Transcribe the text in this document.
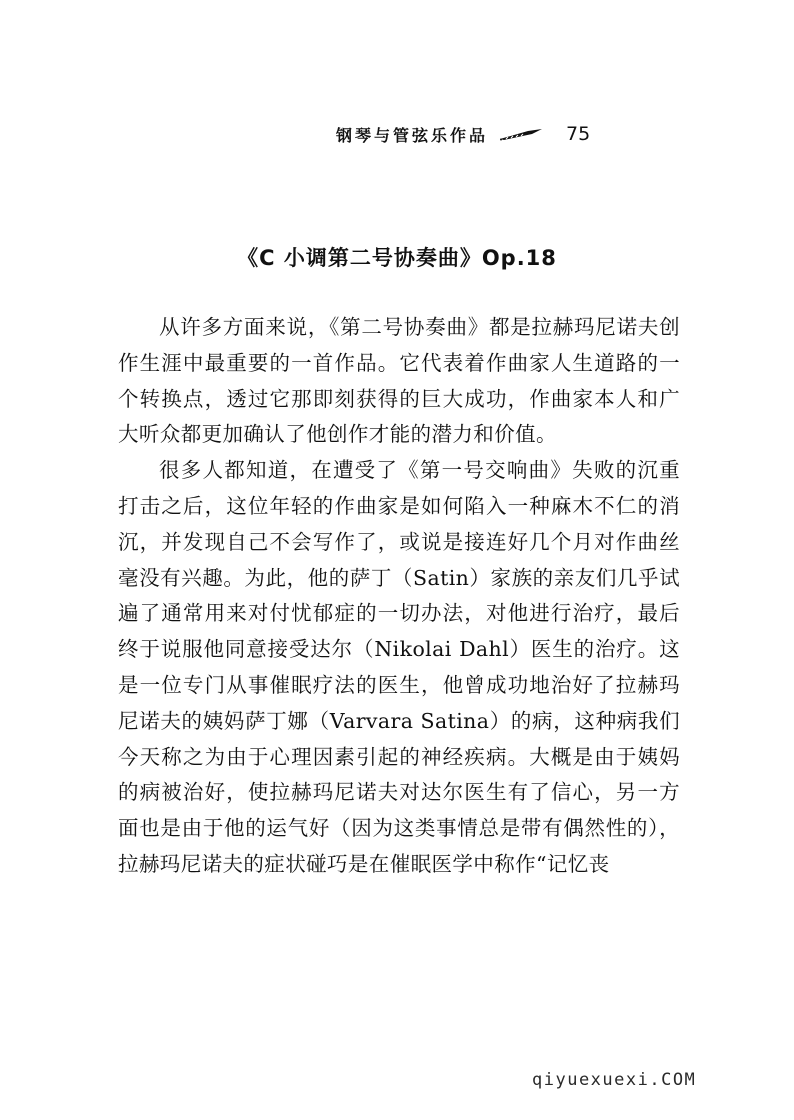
钢琴与管弦乐作品	75
《C 小调第二号协奏曲》Op.18

从许多方面来说，《第二号协奏曲》都是拉赫玛尼诺夫创作生涯中最重要的一首作品。它代表着作曲家人生道路的一个转换点，透过它那即刻获得的巨大成功，作曲家本人和广大听众都更加确认了他创作才能的潜力和价值。

很多人都知道，在遭受了《第一号交响曲》失败的沉重打击之后，这位年轻的作曲家是如何陷入一种麻木不仁的消沉，并发现自己不会写作了，或说是接连好几个月对作曲丝毫没有兴趣。为此，他的萨丁（Satin）家族的亲友们几乎试遍了通常用来对付忧郁症的一切办法，对他进行治疗，最后终于说服他同意接受达尔（Nikolai Dahl）医生的治疗。这是一位专门从事催眠疗法的医生，他曾成功地治好了拉赫玛尼诺夫的姨妈萨丁娜（Varvara Satina）的病，这种病我们今天称之为由于心理因素引起的神经疾病。大概是由于姨妈的病被治好，使拉赫玛尼诺夫对达尔医生有了信心，另一方面也是由于他的运气好（因为这类事情总是带有偶然性的），拉赫玛尼诺夫的症状碰巧是在催眠医学中称作“记忆丧

qiyuexuexi.COM
